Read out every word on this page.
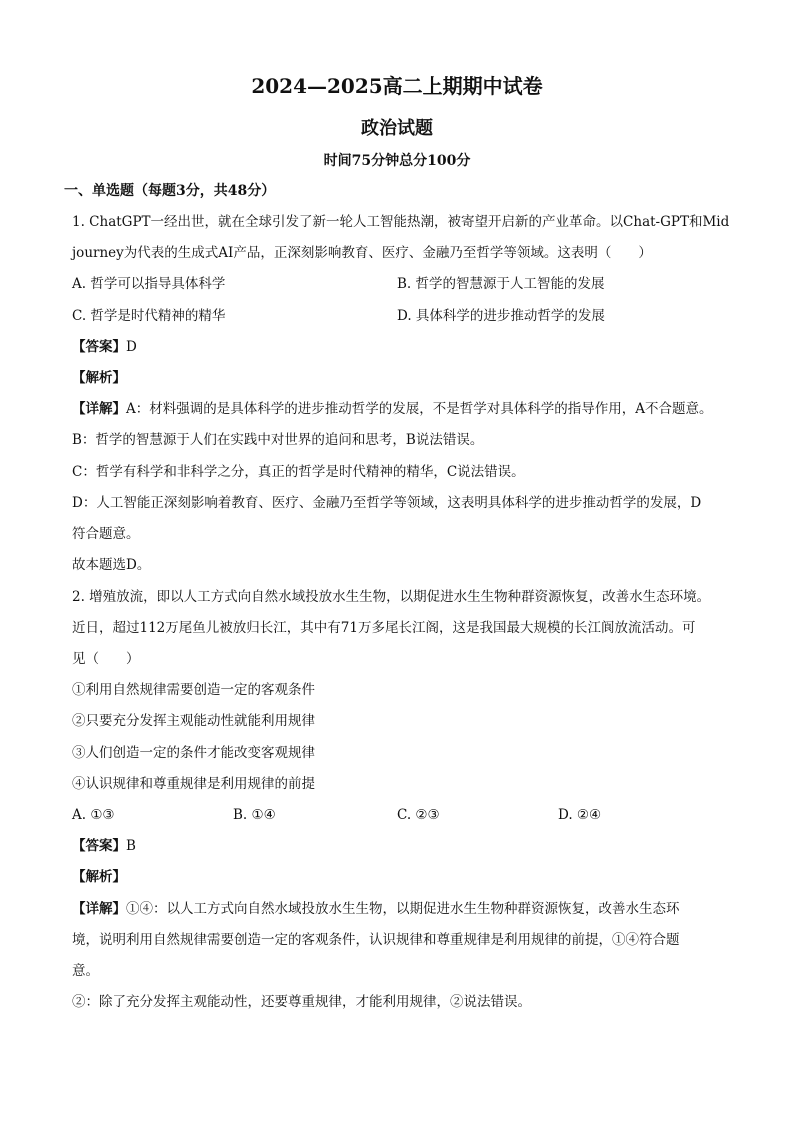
2024—2025高二上期期中试卷
政治试题
时间75分钟总分100分
一、单选题（每题3分，共48分）
1. ChatGPT一经出世，就在全球引发了新一轮人工智能热潮，被寄望开启新的产业革命。以Chat-GPT和Mid
journey为代表的生成式AI产品，正深刻影响教育、医疗、金融乃至哲学等领域。这表明（　　）
A. 哲学可以指导具体科学	B. 哲学的智慧源于人工智能的发展
C. 哲学是时代精神的精华	D. 具体科学的进步推动哲学的发展
【答案】D
【解析】
【详解】A：材料强调的是具体科学的进步推动哲学的发展，不是哲学对具体科学的指导作用，A不合题意。
B：哲学的智慧源于人们在实践中对世界的追问和思考，B说法错误。
C：哲学有科学和非科学之分，真正的哲学是时代精神的精华，C说法错误。
D：人工智能正深刻影响着教育、医疗、金融乃至哲学等领域，这表明具体科学的进步推动哲学的发展，D
符合题意。
故本题选D。
2. 增殖放流，即以人工方式向自然水域投放水生生物，以期促进水生生物种群资源恢复，改善水生态环境。
近日，超过112万尾鱼儿被放归长江，其中有71万多尾长江阁，这是我国最大规模的长江阆放流活动。可
见（　　）
①利用自然规律需要创造一定的客观条件
②只要充分发挥主观能动性就能利用规律
③人们创造一定的条件才能改变客观规律
④认识规律和尊重规律是利用规律的前提
A. ①③	B. ①④	C. ②③	D. ②④
【答案】B
【解析】
【详解】①④：以人工方式向自然水域投放水生生物，以期促进水生生物种群资源恢复，改善水生态环
境，说明利用自然规律需要创造一定的客观条件，认识规律和尊重规律是利用规律的前提，①④符合题
意。
②：除了充分发挥主观能动性，还要尊重规律，才能利用规律，②说法错误。
